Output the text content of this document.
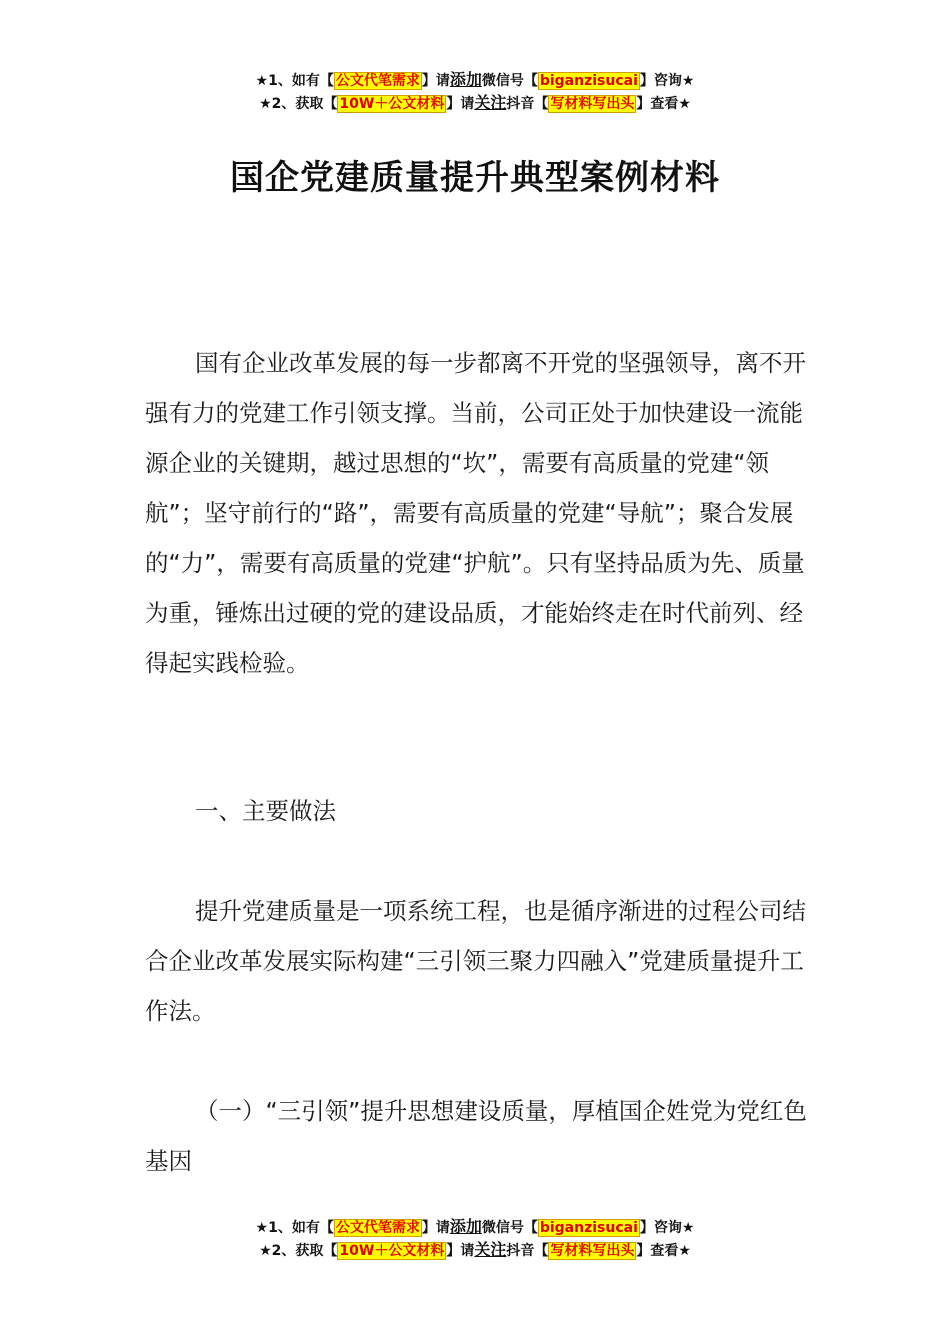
★1、如有【 公文代笔需求 】请添加微信号【 biganzisucai 】咨询★
★2、获取【 10W＋公文材料 】请关注抖音【 写材料写出头 】查看★
国企党建质量提升典型案例材料

国有企业改革发展的每一步都离不开党的坚强领导，离不开强有力的党建工作引领支撑。当前，公司正处于加快建设一流能源企业的关键期，越过思想的“坎”，需要有高质量的党建“领航”；坚守前行的“路”，需要有高质量的党建“导航”；聚合发展的“力”，需要有高质量的党建“护航”。只有坚持品质为先、质量为重，锤炼出过硬的党的建设品质，才能始终走在时代前列、经得起实践检验。

一、主要做法

提升党建质量是一项系统工程，也是循序渐进的过程公司结合企业改革发展实际构建“三引领三聚力四融入”党建质量提升工作法。

（一）“三引领”提升思想建设质量，厚植国企姓党为党红色基因

★1、如有【 公文代笔需求 】请添加微信号【 biganzisucai 】咨询★
★2、获取【 10W＋公文材料 】请关注抖音【 写材料写出头 】查看★
